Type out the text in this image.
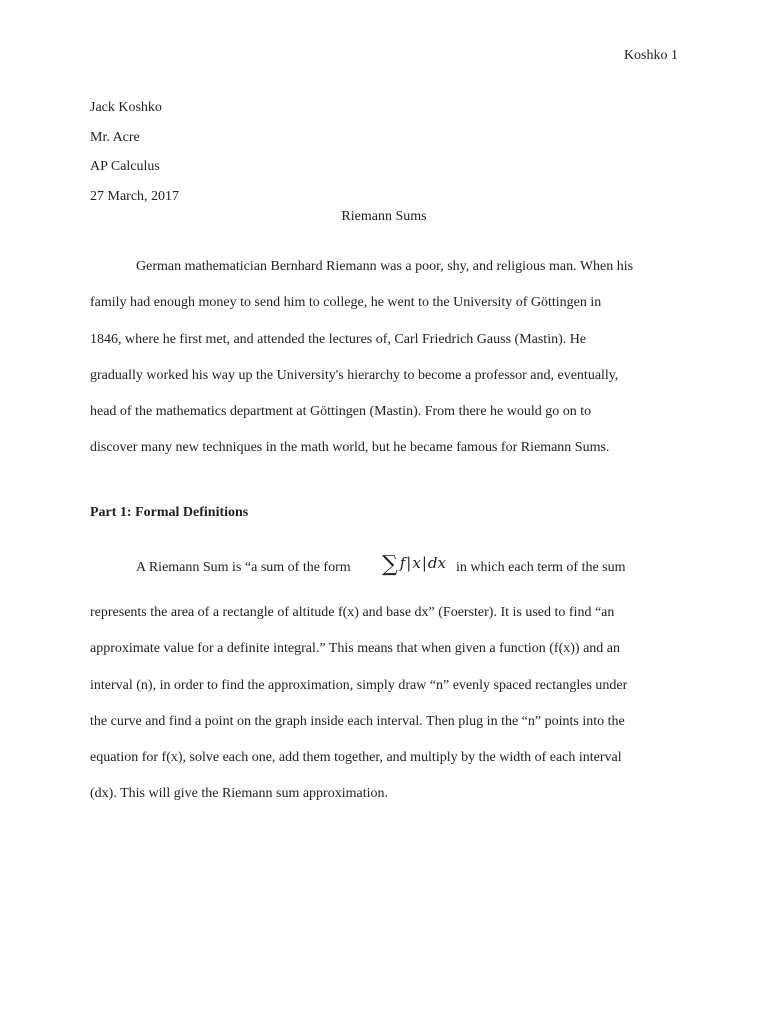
Koshko 1
Jack Koshko
Mr. Acre
AP Calculus
27 March, 2017
Riemann Sums

German mathematician Bernhard Riemann was a poor, shy, and religious man. When his
family had enough money to send him to college, he went to the University of Göttingen in
1846, where he first met, and attended the lectures of, Carl Friedrich Gauss (Mastin). He
gradually worked his way up the University's hierarchy to become a professor and, eventually,
head of the mathematics department at Göttingen (Mastin). From there he would go on to
discover many new techniques in the math world, but he became famous for Riemann Sums.

Part 1: Formal Definitions
A Riemann Sum is “a sum of the form ∑ f|x|dx in which each term of the sum

represents the area of a rectangle of altitude f(x) and base dx” (Foerster). It is used to find “an
approximate value for a definite integral.” This means that when given a function (f(x)) and an
interval (n), in order to find the approximation, simply draw “n” evenly spaced rectangles under
the curve and find a point on the graph inside each interval. Then plug in the “n” points into the
equation for f(x), solve each one, add them together, and multiply by the width of each interval
(dx). This will give the Riemann sum approximation.
